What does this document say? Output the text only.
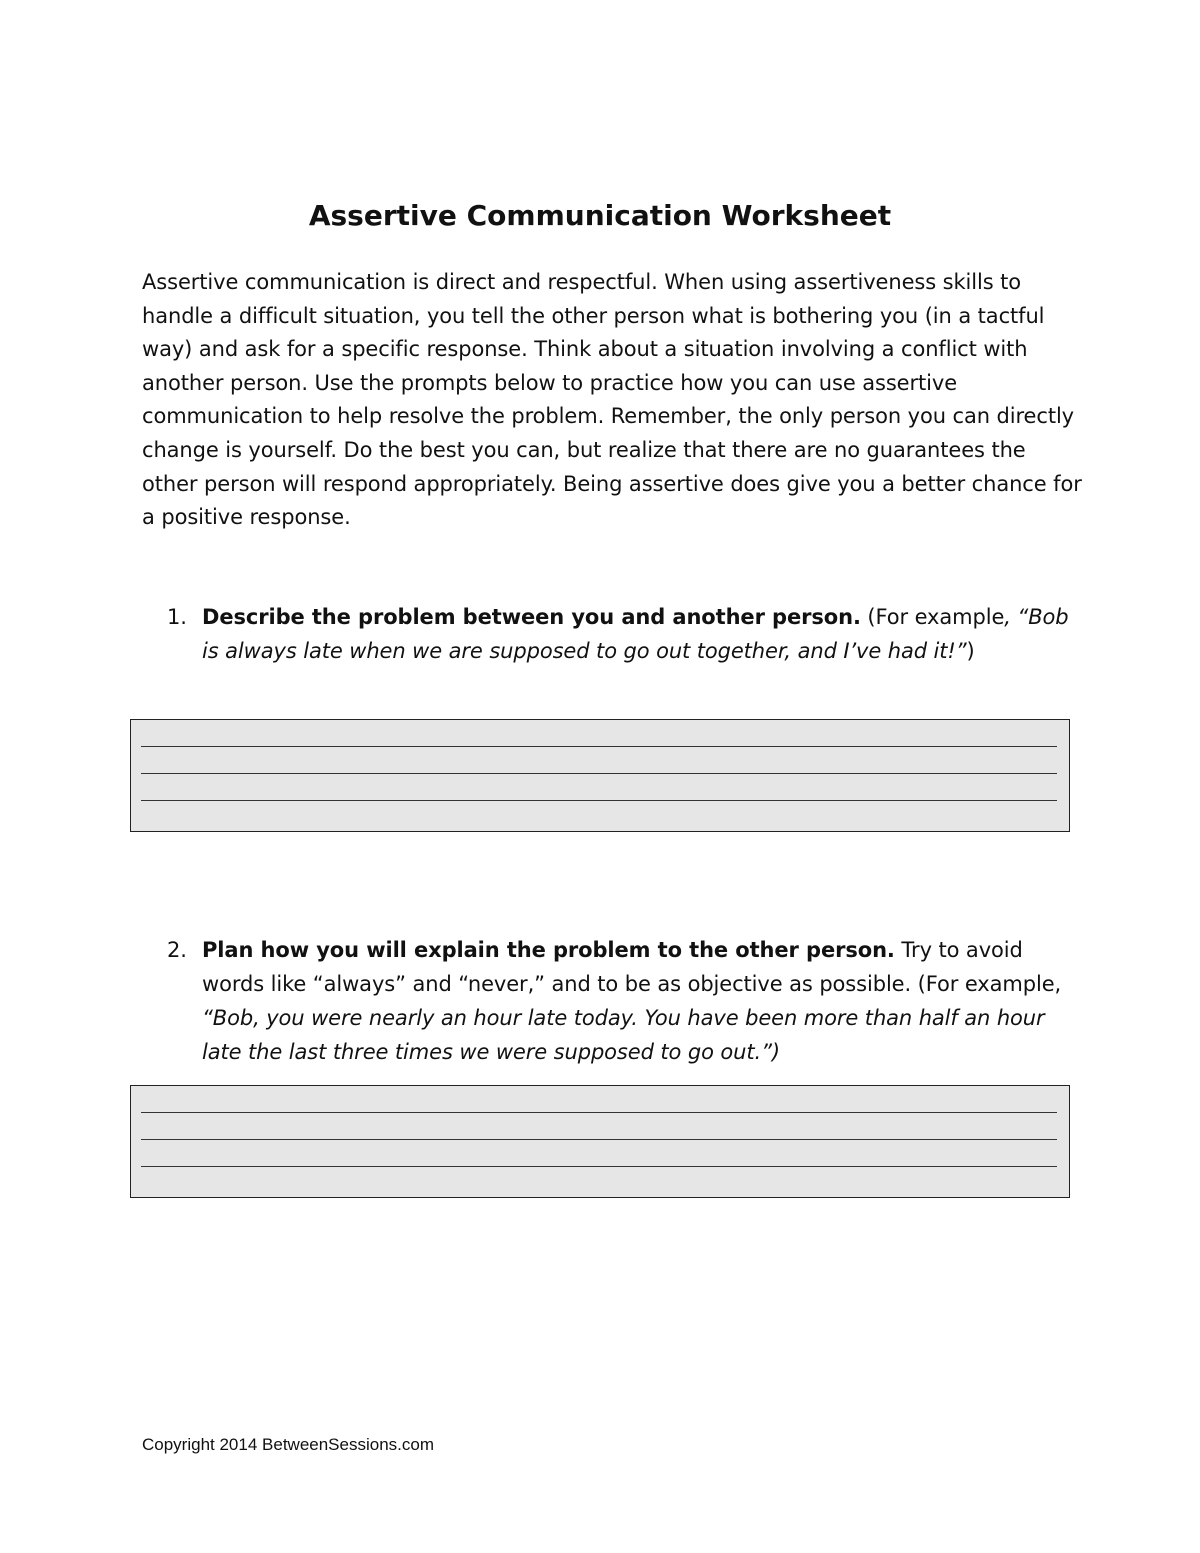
Assertive Communication Worksheet

Assertive communication is direct and respectful. When using assertiveness skills to handle a difficult situation, you tell the other person what is bothering you (in a tactful way) and ask for a specific response. Think about a situation involving a conflict with another person. Use the prompts below to practice how you can use assertive communication to help resolve the problem. Remember, the only person you can directly change is yourself. Do the best you can, but realize that there are no guarantees the other person will respond appropriately. Being assertive does give you a better chance for a positive response.

1. Describe the problem between you and another person. (For example, “Bob is always late when we are supposed to go out together, and I’ve had it!”)
2. Plan how you will explain the problem to the other person. Try to avoid words like “always” and “never,” and to be as objective as possible. (For example, “Bob, you were nearly an hour late today. You have been more than half an hour late the last three times we were supposed to go out.”)

Copyright 2014 BetweenSessions.com
